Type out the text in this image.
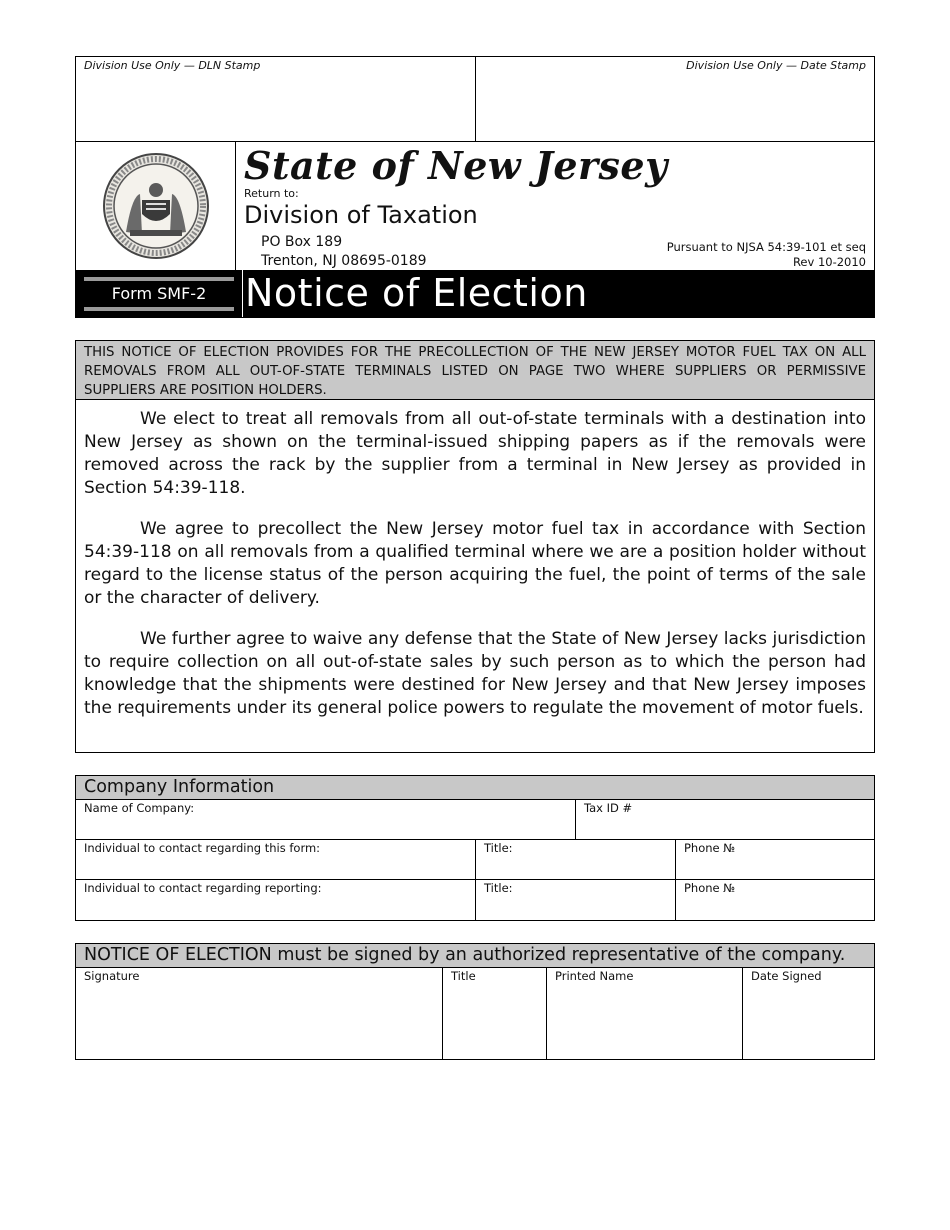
Division Use Only — DLN Stamp	Division Use Only — Date Stamp
State of New Jersey
Return to:
Division of Taxation
PO Box 189
Trenton, NJ 08695-0189
Pursuant to NJSA 54:39-101 et seq
Rev 10-2010
Form SMF-2	Notice of Election
THIS NOTICE OF ELECTION PROVIDES FOR THE PRECOLLECTION OF THE NEW JERSEY MOTOR FUEL TAX ON ALL REMOVALS FROM ALL OUT-OF-STATE TERMINALS LISTED ON PAGE TWO WHERE SUPPLIERS OR PERMISSIVE SUPPLIERS ARE POSITION HOLDERS.

We elect to treat all removals from all out-of-state terminals with a destination into New Jersey as shown on the terminal-issued shipping papers as if the removals were removed across the rack by the supplier from a terminal in New Jersey as provided in Section 54:39-118.

We agree to precollect the New Jersey motor fuel tax in accordance with Section 54:39-118 on all removals from a qualified terminal where we are a position holder without regard to the license status of the person acquiring the fuel, the point of terms of the sale or the character of delivery.

We further agree to waive any defense that the State of New Jersey lacks jurisdiction to require collection on all out-of-state sales by such person as to which the person had knowledge that the shipments were destined for New Jersey and that New Jersey imposes the requirements under its general police powers to regulate the movement of motor fuels.

Company Information
Name of Company:	Tax ID #
Individual to contact regarding this form:	Title:	Phone №
Individual to contact regarding reporting:	Title:	Phone №
NOTICE OF ELECTION must be signed by an authorized representative of the company.
Signature	Title	Printed Name	Date Signed
